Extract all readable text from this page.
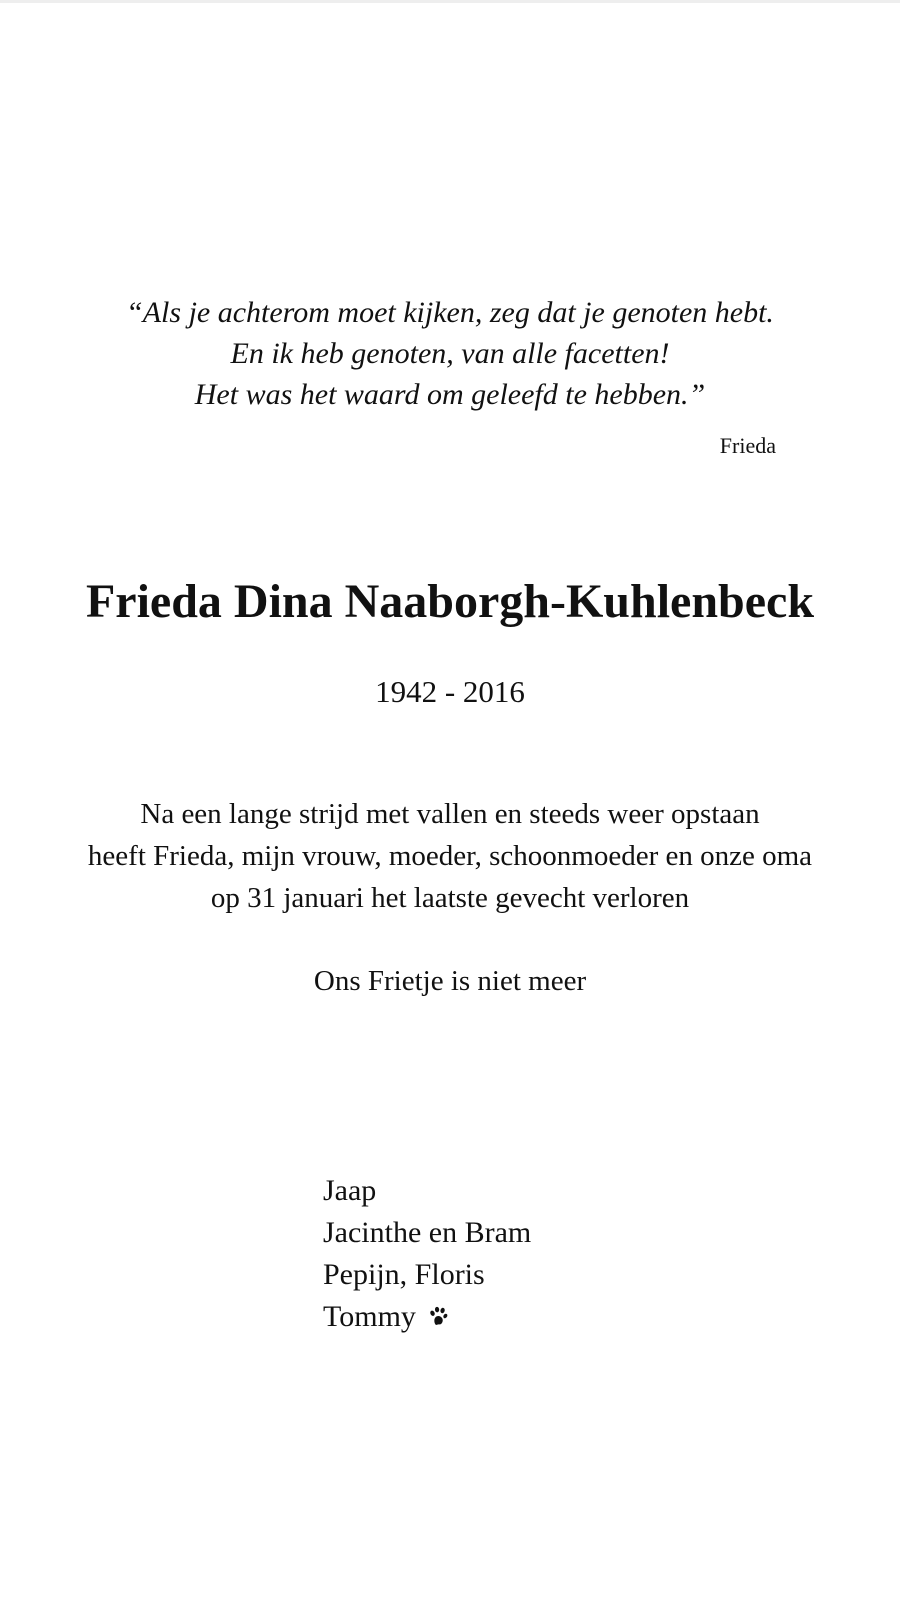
“Als je achterom moet kijken, zeg dat je genoten hebt.
En ik heb genoten, van alle facetten!
Het was het waard om geleefd te hebben.”
Frieda
Frieda Dina Naaborgh-Kuhlenbeck
1942 - 2016
Na een lange strijd met vallen en steeds weer opstaan
heeft Frieda, mijn vrouw, moeder, schoonmoeder en onze oma
op 31 januari het laatste gevecht verloren
Ons Frietje is niet meer
Jaap
Jacinthe en Bram
Pepijn, Floris
Tommy
